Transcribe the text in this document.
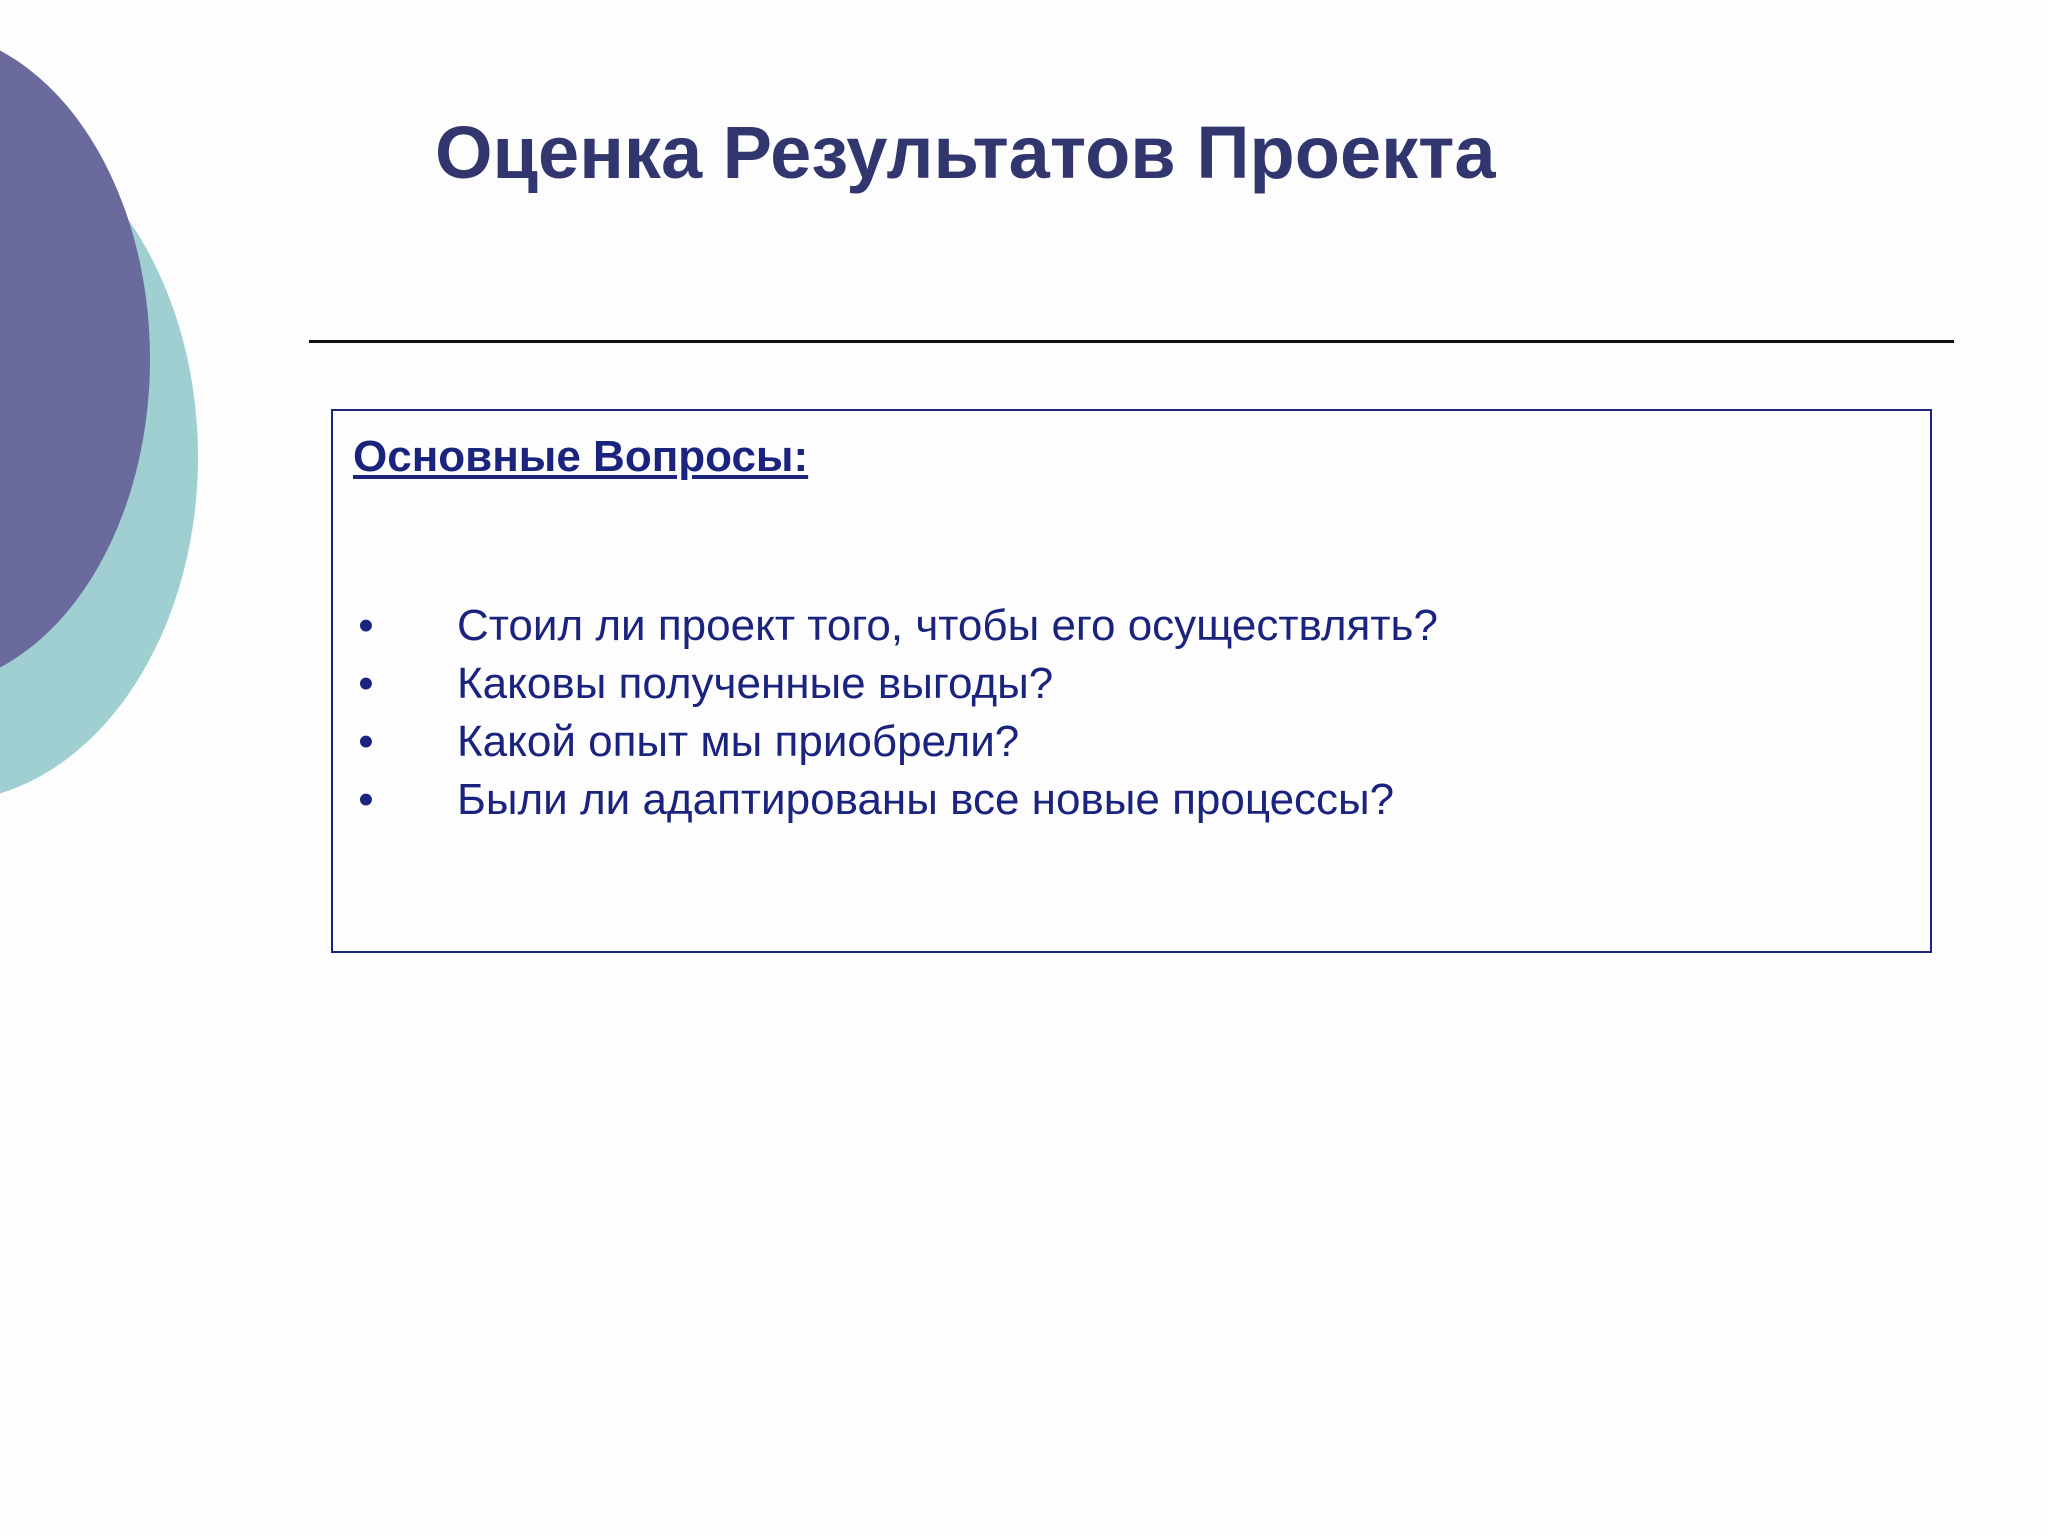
Оценка Результатов Проекта
Основные Вопросы:
• Стоил ли проект того, чтобы его осуществлять?
• Каковы полученные выгоды?
• Какой опыт мы приобрели?
• Были ли адаптированы все новые процессы?
